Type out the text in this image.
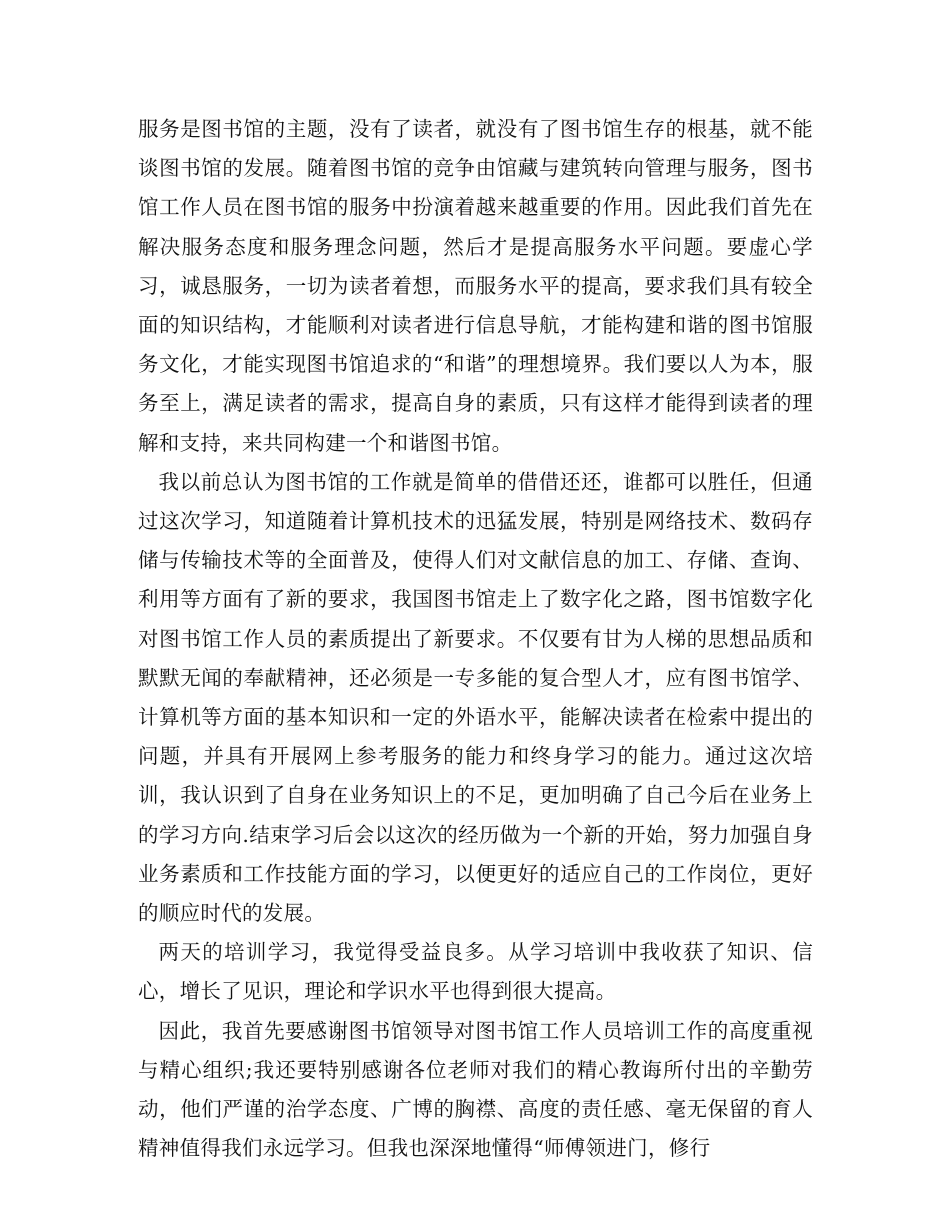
服务是图书馆的主题，没有了读者，就没有了图书馆生存的根基，就不能谈图书馆的发展。随着图书馆的竞争由馆藏与建筑转向管理与服务，图书馆工作人员在图书馆的服务中扮演着越来越重要的作用。因此我们首先在解决服务态度和服务理念问题，然后才是提高服务水平问题。要虚心学习，诚恳服务，一切为读者着想，而服务水平的提高，要求我们具有较全面的知识结构，才能顺利对读者进行信息导航，才能构建和谐的图书馆服务文化，才能实现图书馆追求的“和谐”的理想境界。我们要以人为本，服务至上，满足读者的需求，提高自身的素质，只有这样才能得到读者的理解和支持，来共同构建一个和谐图书馆。

我以前总认为图书馆的工作就是简单的借借还还，谁都可以胜任，但通过这次学习，知道随着计算机技术的迅猛发展，特别是网络技术、数码存储与传输技术等的全面普及，使得人们对文献信息的加工、存储、查询、利用等方面有了新的要求，我国图书馆走上了数字化之路，图书馆数字化对图书馆工作人员的素质提出了新要求。不仅要有甘为人梯的思想品质和默默无闻的奉献精神，还必须是一专多能的复合型人才，应有图书馆学、计算机等方面的基本知识和一定的外语水平，能解决读者在检索中提出的问题，并具有开展网上参考服务的能力和终身学习的能力。通过这次培训，我认识到了自身在业务知识上的不足，更加明确了自己今后在业务上的学习方向.结束学习后会以这次的经历做为一个新的开始，努力加强自身业务素质和工作技能方面的学习，以便更好的适应自己的工作岗位，更好的顺应时代的发展。

两天的培训学习，我觉得受益良多。从学习培训中我收获了知识、信心，增长了见识，理论和学识水平也得到很大提高。

因此，我首先要感谢图书馆领导对图书馆工作人员培训工作的高度重视与精心组织;我还要特别感谢各位老师对我们的精心教诲所付出的辛勤劳动，他们严谨的治学态度、广博的胸襟、高度的责任感、毫无保留的育人精神值得我们永远学习。但我也深深地懂得“师傅领进门，修行
